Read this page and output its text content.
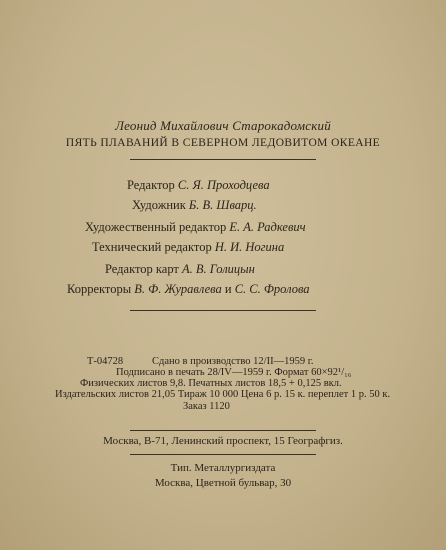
Леонид Михайлович Старокадомский
ПЯТЬ ПЛАВАНИЙ В СЕВЕРНОМ ЛЕДОВИТОМ ОКЕАНЕ
Редактор С. Я. Проходцева
Художник Б. В. Шварц.
Художественный редактор Е. А. Радкевич
Технический редактор Н. И. Ногина
Редактор карт А. В. Голицын
Корректоры В. Ф. Журавлева и С. С. Фролова
Т-04728	Сдано в производство 12/II—1959 г.
Подписано в печать 28/IV—1959 г. Формат 60×92¹/₁₆
Физических листов 9,8. Печатных листов 18,5 + 0,125 вкл.
Издательских листов 21,05 Тираж 10 000 Цена 6 р. 15 к. переплет 1 р. 50 к.
Заказ 1120
Москва, В-71, Ленинский проспект, 15 Географгиз.
Тип. Металлургиздата
Москва, Цветной бульвар, 30
